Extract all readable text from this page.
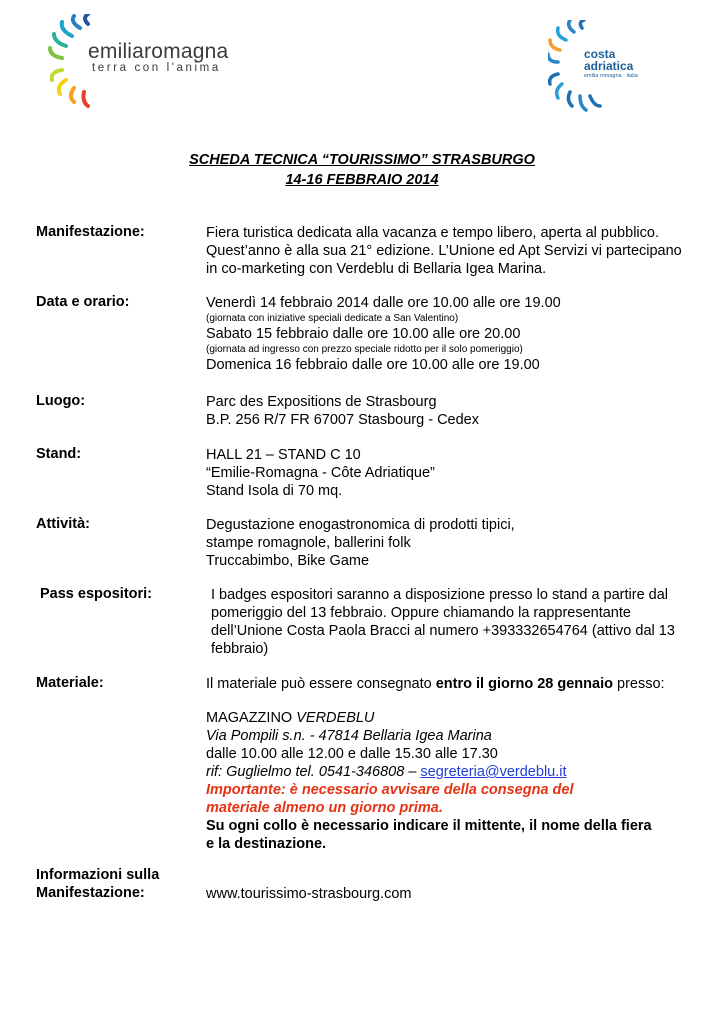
emiliaromagna
terra con l'anima
costa
adriatica
emilia romagna · italia
SCHEDA TECNICA “TOURISSIMO” STRASBURGO
14-16 FEBBRAIO 2014
Manifestazione:	Fiera turistica dedicata alla vacanza e tempo libero, aperta al pubblico.
Quest’anno è alla sua 21° edizione. L’Unione ed Apt Servizi vi partecipano
in co-marketing con Verdeblu di Bellaria Igea Marina.
Data e orario:	Venerdì 14 febbraio 2014 dalle ore 10.00 alle ore 19.00
(giornata con iniziative speciali dedicate a San Valentino)
Sabato 15 febbraio dalle ore 10.00 alle ore 20.00
(giornata ad ingresso con prezzo speciale ridotto per il solo pomeriggio)
Domenica 16 febbraio dalle ore 10.00 alle ore 19.00
Luogo:	Parc des Expositions de Strasbourg
B.P. 256 R/7 FR 67007 Stasbourg - Cedex
Stand:	HALL 21 – STAND C 10
“Emilie-Romagna - Côte Adriatique”
Stand Isola di 70 mq.
Attività:	Degustazione enogastronomica di prodotti tipici,
stampe romagnole, ballerini folk
Truccabimbo, Bike Game
Pass espositori:	I badges espositori saranno a disposizione presso lo stand a partire dal
pomeriggio del 13 febbraio. Oppure chiamando la rappresentante
dell’Unione Costa Paola Bracci al numero +393332654764 (attivo dal 13
febbraio)
Materiale:	Il materiale può essere consegnato entro il giorno 28 gennaio presso:
MAGAZZINO VERDEBLU
Via Pompili s.n. - 47814 Bellaria Igea Marina
dalle 10.00 alle 12.00 e dalle 15.30 alle 17.30
rif: Guglielmo tel. 0541-346808 – segreteria@verdeblu.it
Importante: è necessario avvisare della consegna del
materiale almeno un giorno prima.
Su ogni collo è necessario indicare il mittente, il nome della fiera
e la destinazione.
Informazioni sulla
Manifestazione:	www.tourissimo-strasbourg.com
